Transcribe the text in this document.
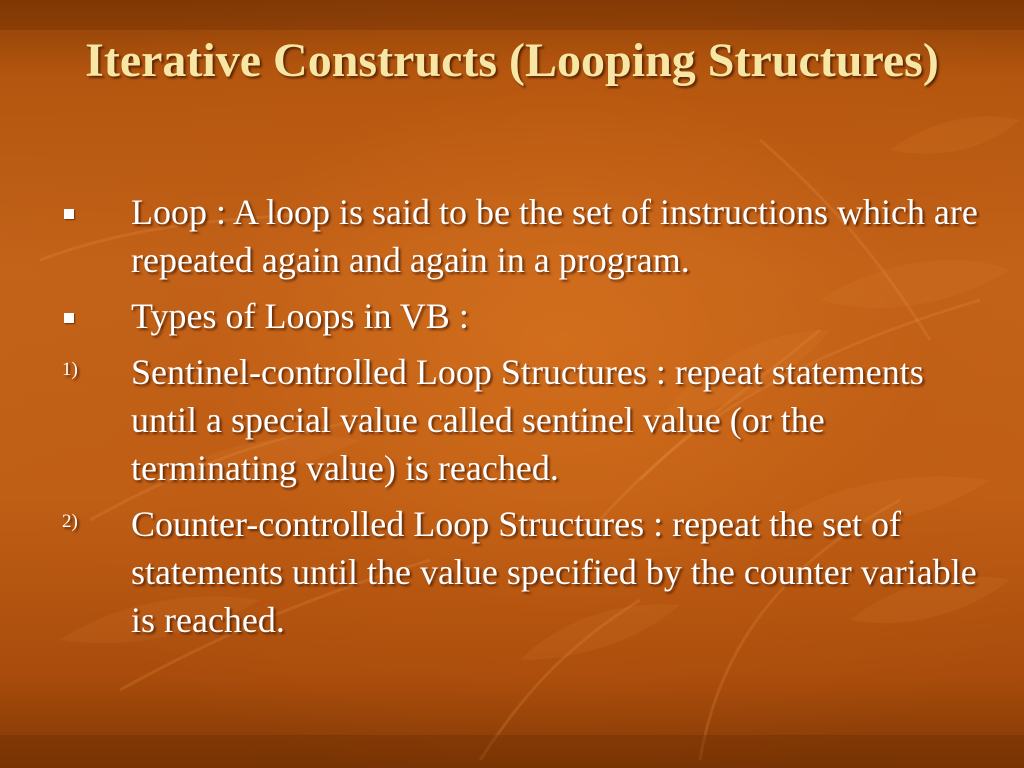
Iterative Constructs (Looping Structures)
Loop : A loop is said to be the set of instructions which are repeated again and again in a program.
Types of Loops in VB :
1) Sentinel-controlled Loop Structures : repeat statements until a special value called sentinel value (or the terminating value) is reached.
2) Counter-controlled Loop Structures : repeat the set of statements until the value specified by the counter variable is reached.
